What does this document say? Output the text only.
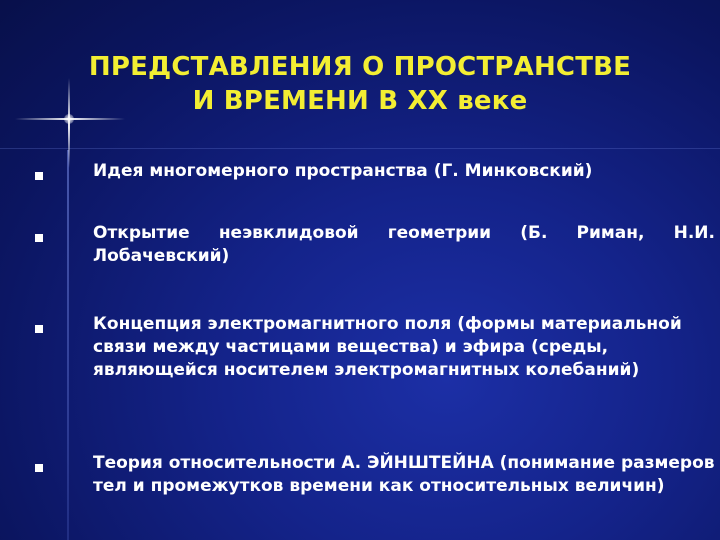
ПРЕДСТАВЛЕНИЯ О ПРОСТРАНСТВЕ
И ВРЕМЕНИ В XX веке
Идея многомерного пространства (Г. Минковский)
Открытие неэвклидовой геометрии (Б. Риман, Н.И. Лобачевский)
Концепция электромагнитного поля (формы материальной связи между частицами вещества) и эфира (среды, являющейся носителем электромагнитных колебаний)
Теория относительности А. ЭЙНШТЕЙНА (понимание размеров тел и промежутков времени как относительных величин)
